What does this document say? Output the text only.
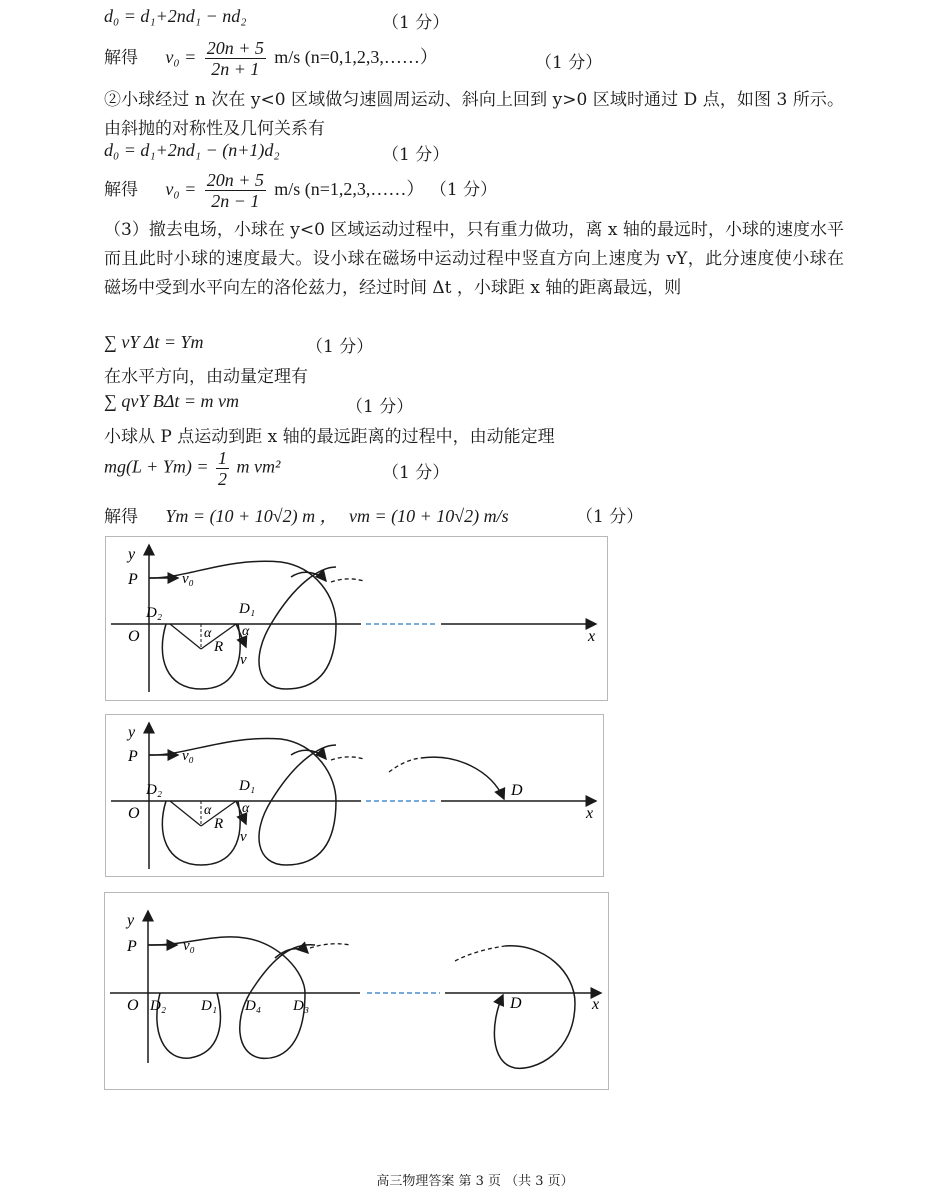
d₀ = d₁+2nd₁ − nd₂	（1 分）
解得 $v_0 = \frac{20n + 5}{2n + 1} m/s$ (n=0,1,2,3,……）	（1 分）
②小球经过 n 次在 y<0 区域做匀速圆周运动、斜向上回到 y>0 区域时通过 D 点，如图 3 所示。由斜抛的对称性及几何关系有
d₀ = d₁+2nd₁ − (n+1)d₂	（1 分）
解得 $v_0 = \frac{20n + 5}{2n - 1} m/s$ (n=1,2,3,……） （1 分）
（3）撤去电场，小球在 y<0 区域运动过程中，只有重力做功，离 x 轴的最远时，小球的速度水平而且此时小球的速度最大。设小球在磁场中运动过程中竖直方向上速度为 vY，此分速度使小球在磁场中受到水平向左的洛伦兹力，经过时间 Δt ，小球距 x 轴的距离最远，则
∑ vY Δt = Ym	（1 分）
在水平方向，由动量定理有
∑ qvY BΔt = m vm	（1 分）
小球从 P 点运动到距 x 轴的最远距离的过程中，由动能定理
$mg(L + Ym) = \frac{1}{2}$ m vm²	（1 分）
解得 Ym = (10 + 10√2) m ， vm = (10 + 10√2) m/s	（1 分）
y
P	v₀
D₂	D₁
O	α α
R
v
x
y
P	v₀
D₂	D₁
O	α α
R
v
D
x
y
P	v₀
O D₂ D₁ D₄ D₃	D	x
高三物理答案 第 3 页 （共 3 页）
